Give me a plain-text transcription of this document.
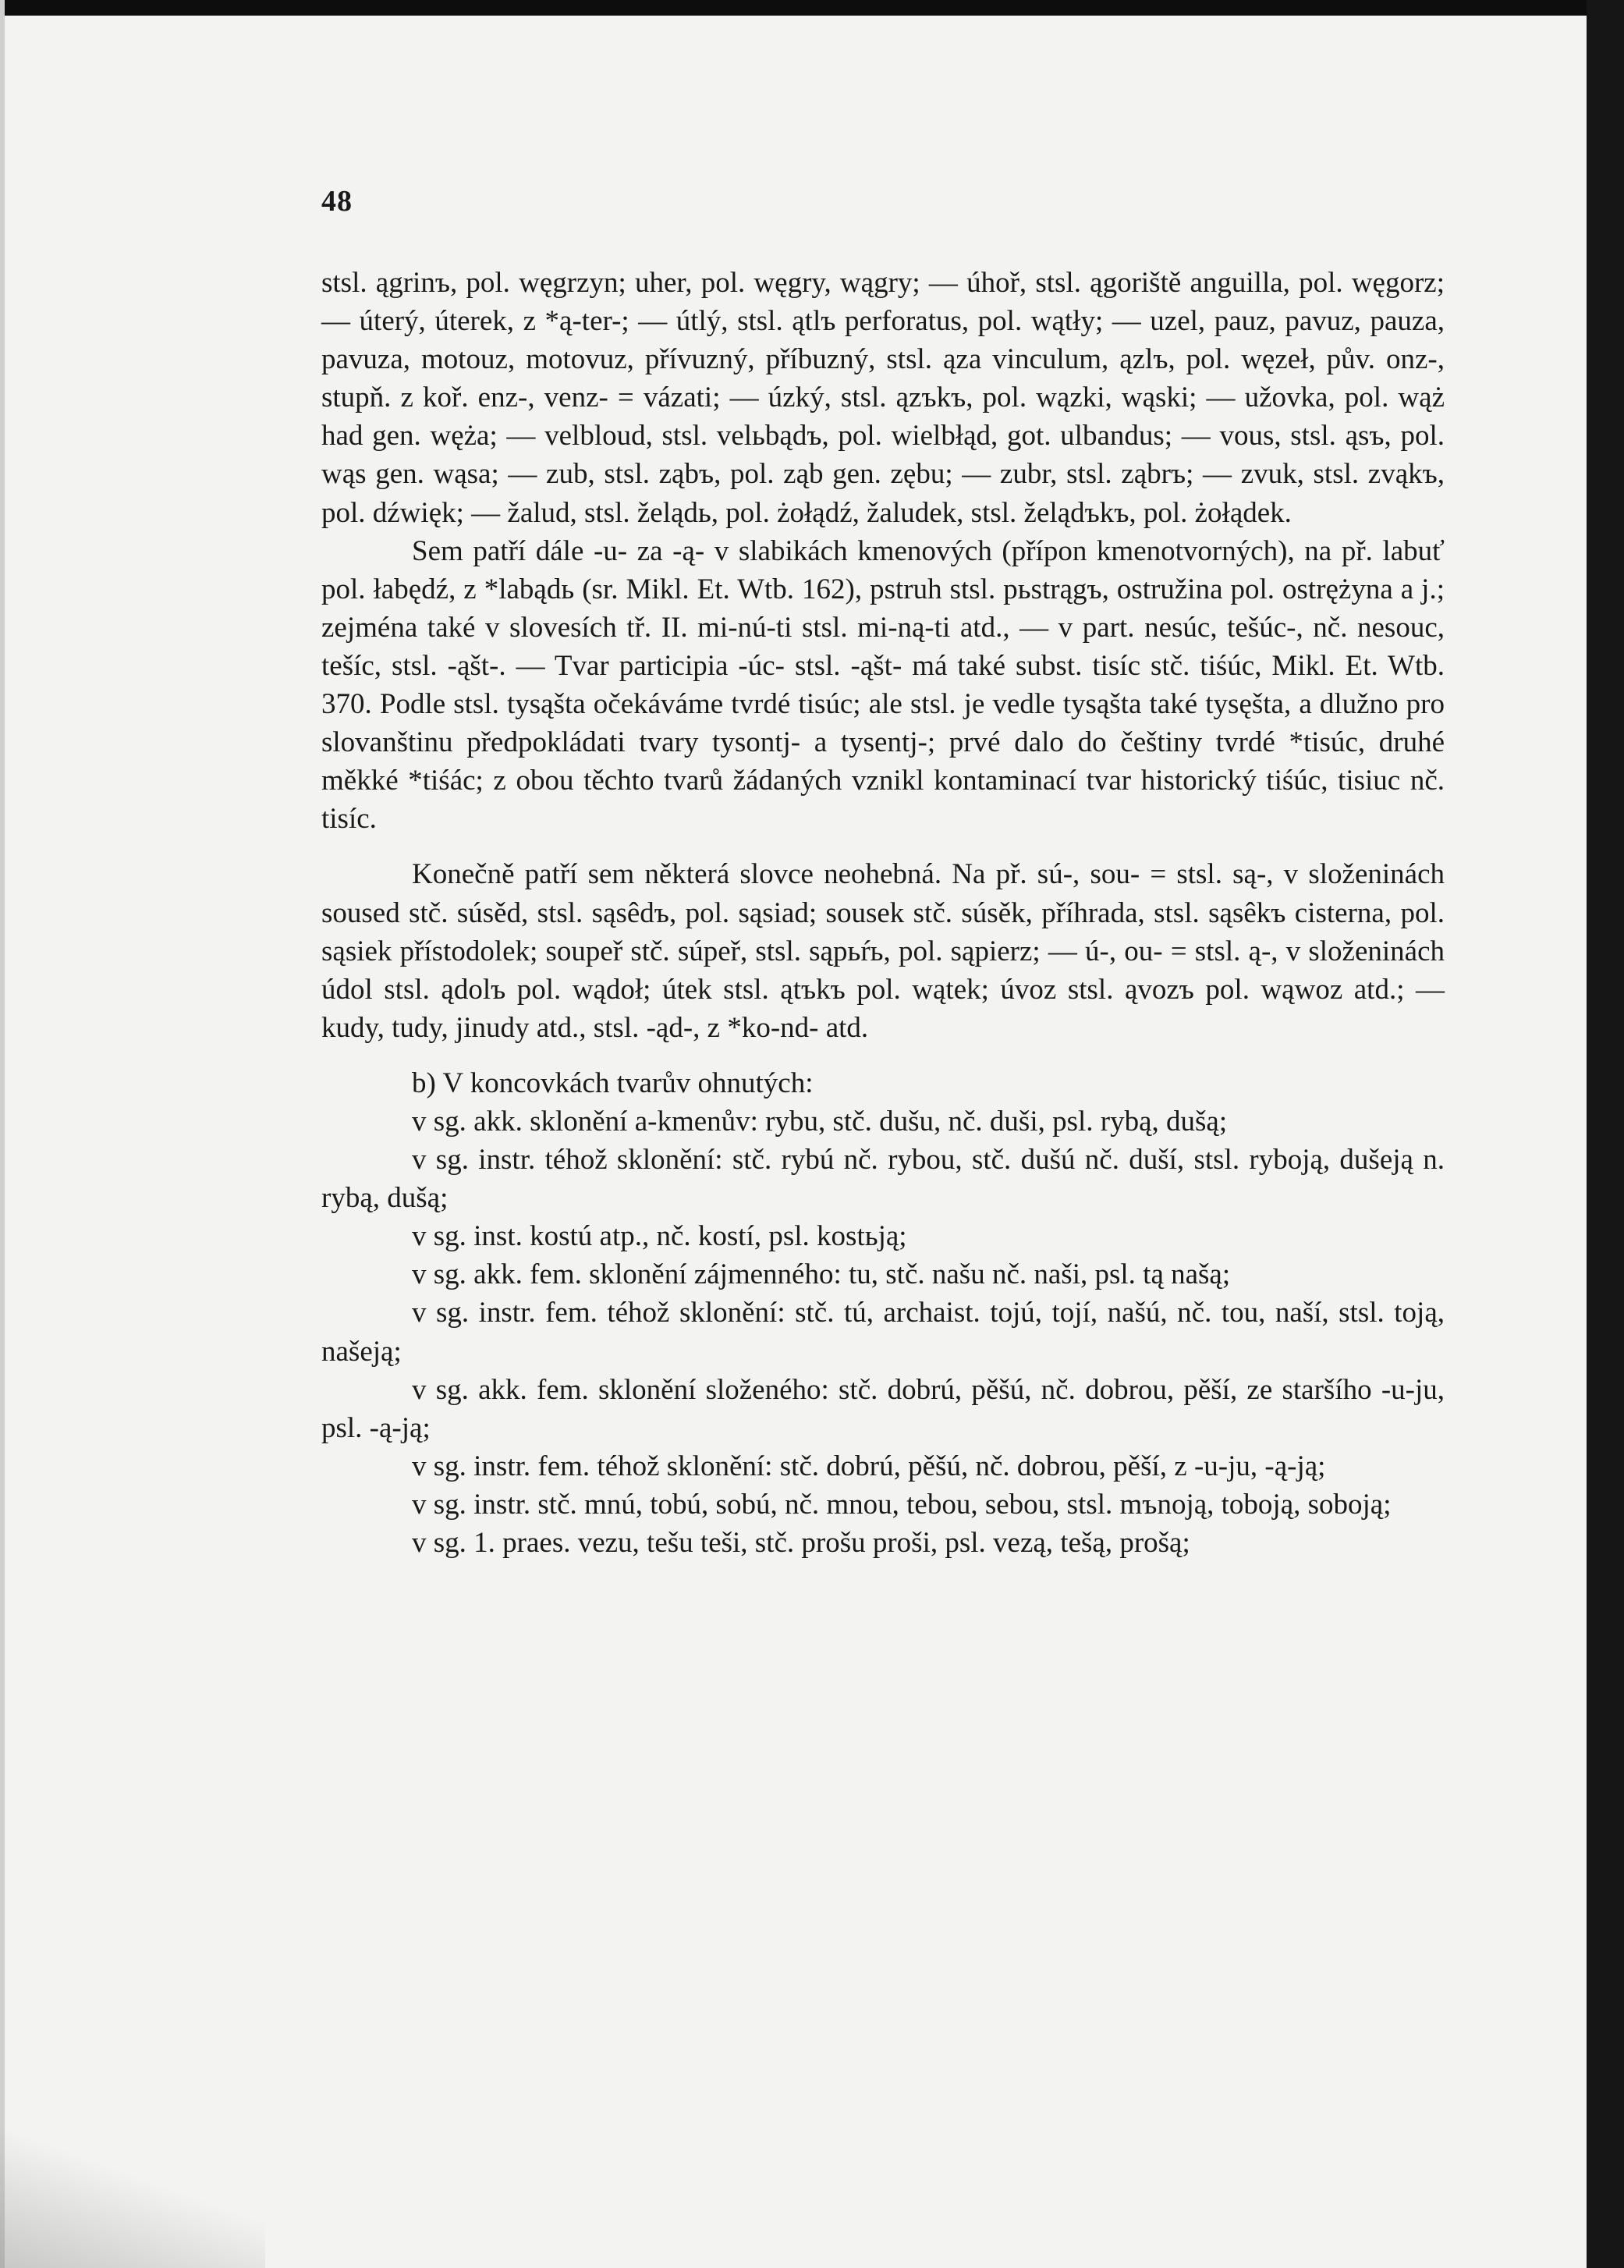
48

stsl. ągrinъ, pol. węgrzyn; uher, pol. węgry, wągry; — úhoř, stsl. ągoriště anguilla, pol. węgorz; — úterý, úterek, z *ą-ter-; — útlý, stsl. ątlъ perforatus, pol. wątły; — uzel, pauz, pavuz, pauza, pavuza, motouz, motovuz, přívuzný, příbuzný, stsl. ąza vinculum, ązlъ, pol. węzeł, pův. onz-, stupň. z koř. enz-, venz- = vázati; — úzký, stsl. ązъkъ, pol. wązki, wąski; — užovka, pol. wąż had gen. węża; — velbloud, stsl. velьbądъ, pol. wielbłąd, got. ulbandus; — vous, stsl. ąsъ, pol. wąs gen. wąsa; — zub, stsl. ząbъ, pol. ząb gen. zębu; — zubr, stsl. ząbrъ; — zvuk, stsl. zvąkъ, pol. dźwięk; — žalud, stsl. želądь, pol. żołądź, žaludek, stsl. želądъkъ, pol. żołądek.

Sem patří dále -u- za -ą- v slabikách kmenových (přípon kmenotvorných), na př. labuť pol. łabędź, z *labądь (sr. Mikl. Et. Wtb. 162), pstruh stsl. pьstrągъ, ostružina pol. ostrężyna a j.; zejména také v slovesích tř. II. mi-nú-ti stsl. mi-ną-ti atd., — v part. nesúc, tešúc-, nč. nesouc, tešíc, stsl. -ąšt-. — Tvar participia -úc- stsl. -ąšt- má také subst. tisíc stč. tiśúc, Mikl. Et. Wtb. 370. Podle stsl. tysąšta očekáváme tvrdé tisúc; ale stsl. je vedle tysąšta také tysęšta, a dlužno pro slovanštinu předpokládati tvary tysontj- a tysentj-; prvé dalo do češtiny tvrdé *tisúc, druhé měkké *tiśác; z obou těchto tvarů žádaných vznikl kontaminací tvar historický tiśúc, tisiuc nč. tisíc.

Konečně patří sem některá slovce neohebná. Na př. sú-, sou- = stsl. są-, v složeninách soused stč. súsěd, stsl. sąsêdъ, pol. sąsiad; sousek stč. súsěk, příhrada, stsl. sąsêkъ cisterna, pol. sąsiek přístodolek; soupeř stč. súpeř, stsl. sąpьŕь, pol. sąpierz; — ú-, ou- = stsl. ą-, v složeninách údol stsl. ądolъ pol. wądoł; útek stsl. ątъkъ pol. wątek; úvoz stsl. ąvozъ pol. wąwoz atd.; — kudy, tudy, jinudy atd., stsl. -ąd-, z *ko-nd- atd.

b) V koncovkách tvarův ohnutých:

v sg. akk. sklonění a-kmenův: rybu, stč. dušu, nč. duši, psl. rybą, dušą;

v sg. instr. téhož sklonění: stč. rybú nč. rybou, stč. dušú nč. duší, stsl. ryboją, dušeją n. rybą, dušą;

v sg. inst. kostú atp., nč. kostí, psl. kostьją;

v sg. akk. fem. sklonění zájmenného: tu, stč. našu nč. naši, psl. tą našą;

v sg. instr. fem. téhož sklonění: stč. tú, archaist. tojú, tojí, našú, nč. tou, naší, stsl. toją, našeją;

v sg. akk. fem. sklonění složeného: stč. dobrú, pěšú, nč. dobrou, pěší, ze staršího -u-ju, psl. -ą-ją;

v sg. instr. fem. téhož sklonění: stč. dobrú, pěšú, nč. dobrou, pěší, z -u-ju, -ą-ją;

v sg. instr. stč. mnú, tobú, sobú, nč. mnou, tebou, sebou, stsl. mъnoją, toboją, soboją;

v sg. 1. praes. vezu, tešu teši, stč. prošu proši, psl. vezą, tešą, prošą;
